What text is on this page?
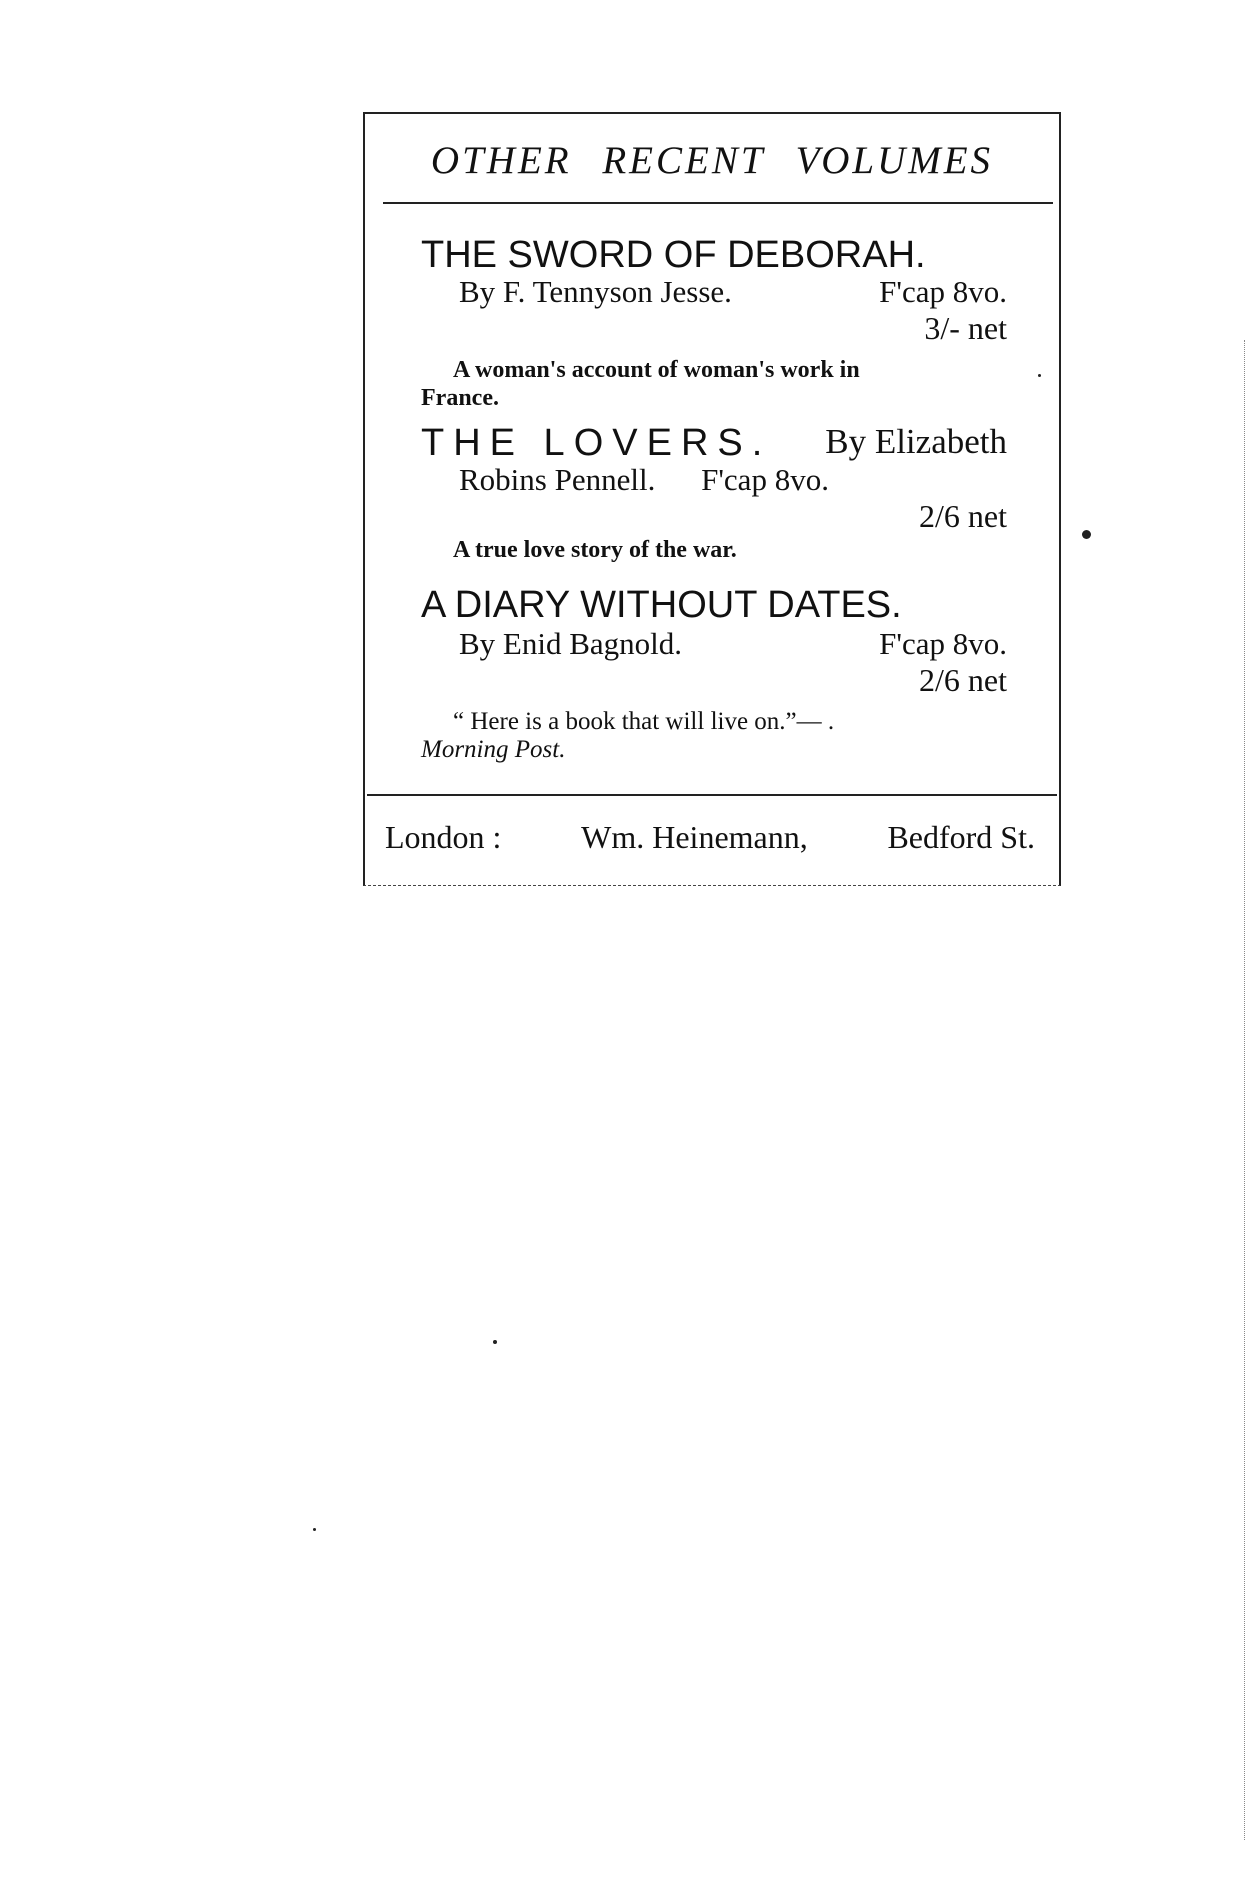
OTHER RECENT VOLUMES
THE SWORD OF DEBORAH.
By F. Tennyson Jesse.	F'cap 8vo.
3/- net
A woman's account of woman's work in
France.
THE LOVERS. By Elizabeth
Robins Pennell. F'cap 8vo.
2/6 net
A true love story of the war.
A DIARY WITHOUT DATES.
By Enid Bagnold.	F'cap 8vo.
2/6 net
“ Here is a book that will live on.”— .
Morning Post.
London : Wm. Heinemann, Bedford St.
